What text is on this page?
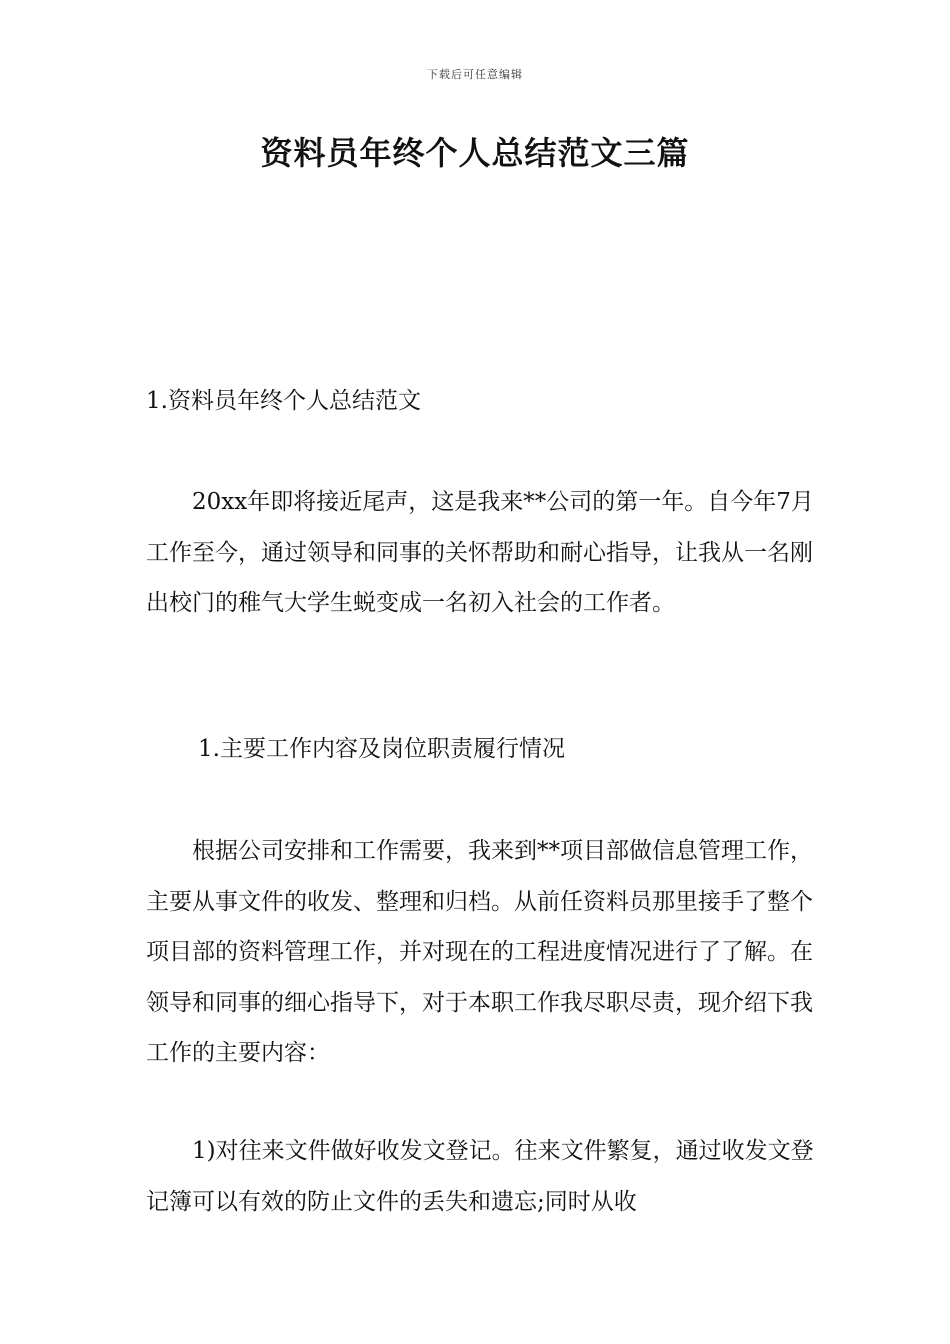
下载后可任意编辑
资料员年终个人总结范文三篇
1.资料员年终个人总结范文

20xx年即将接近尾声，这是我来**公司的第一年。自今年7月工作至今，通过领导和同事的关怀帮助和耐心指导，让我从一名刚出校门的稚气大学生蜕变成一名初入社会的工作者。

1.主要工作内容及岗位职责履行情况

根据公司安排和工作需要，我来到**项目部做信息管理工作，主要从事文件的收发、整理和归档。从前任资料员那里接手了整个项目部的资料管理工作，并对现在的工程进度情况进行了了解。在领导和同事的细心指导下，对于本职工作我尽职尽责，现介绍下我工作的主要内容：

1)对往来文件做好收发文登记。往来文件繁复，通过收发文登记簿可以有效的防止文件的丢失和遗忘;同时从收
